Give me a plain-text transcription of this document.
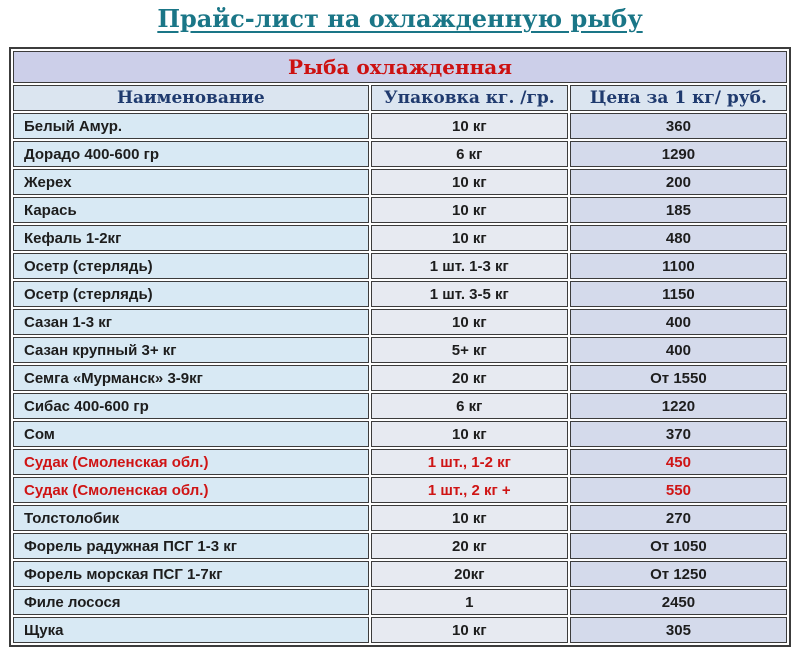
Прайс-лист на охлажденную рыбу
Рыба охлажденная		
Наименование	Упаковка кг. /гр.	Цена за 1 кг/ руб.
Белый Амур.	10 кг	360
Дорадо 400-600 гр	6 кг	1290
Жерех	10 кг	200
Карась	10 кг	185
Кефаль 1-2кг	10 кг	480
Осетр (стерлядь)	1 шт. 1-3 кг	1100
Осетр (стерлядь)	1 шт. 3-5 кг	1150
Сазан 1-3 кг	10 кг	400
Сазан крупный 3+ кг	5+ кг	400
Семга «Мурманск» 3-9кг	20 кг	От 1550
Сибас 400-600 гр	6 кг	1220
Сом	10 кг	370
Судак (Смоленская обл.)	1 шт., 1-2 кг	450
Судак (Смоленская обл.)	1 шт., 2 кг +	550
Толстолобик	10 кг	270
Форель радужная ПСГ 1-3 кг	20 кг	От 1050
Форель морская ПСГ 1-7кг	20кг	От 1250
Филе лосося	1	2450
Щука	10 кг	305
